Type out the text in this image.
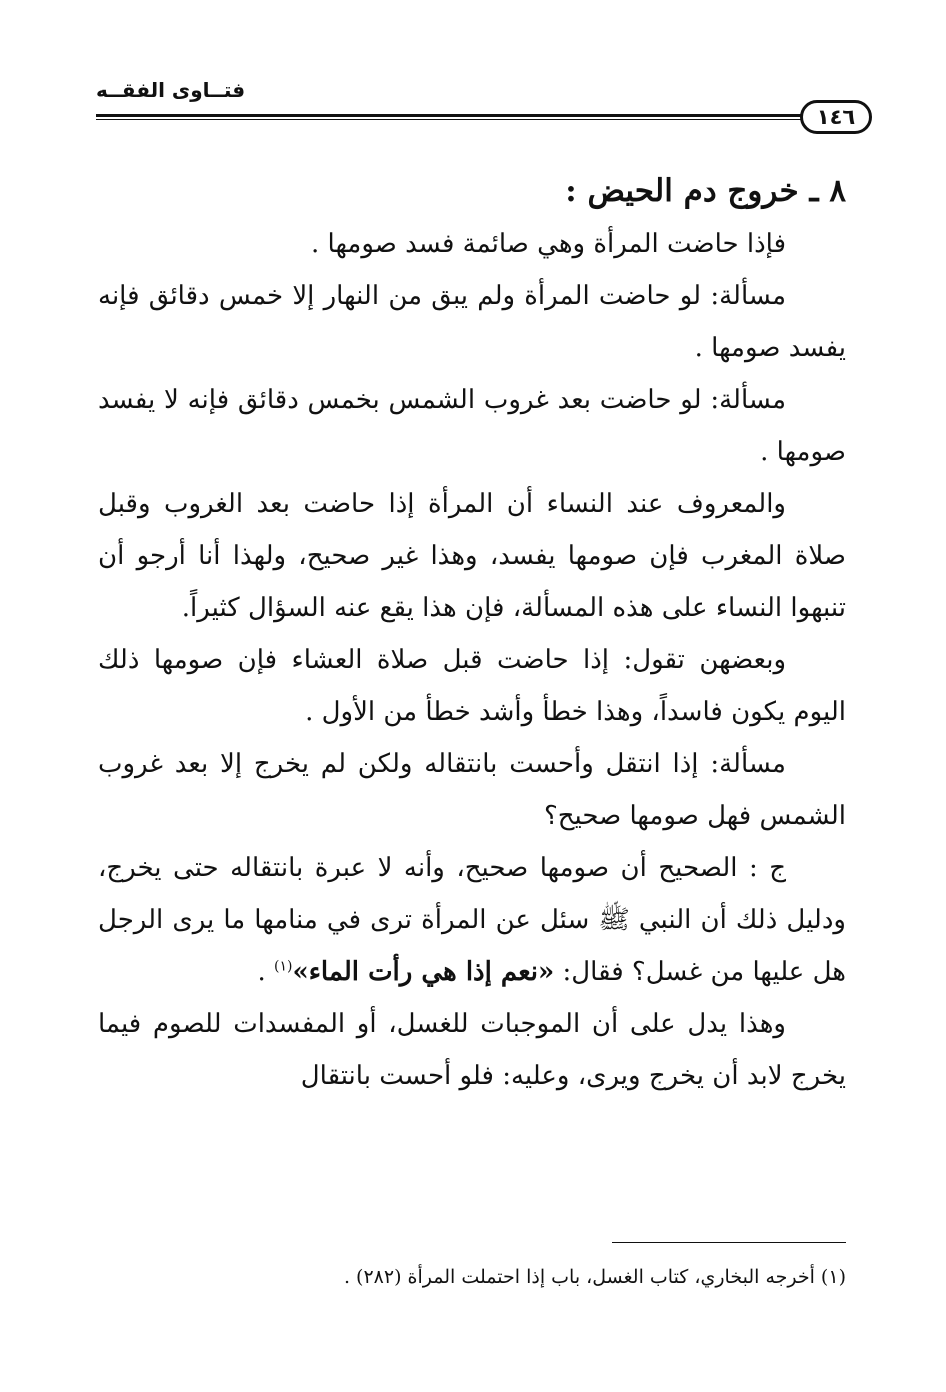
فتــاوى الفقــه
١٤٦

٨ ـ خروج دم الحيض :

فإذا حاضت المرأة وهي صائمة فسد صومها .

مسألة: لو حاضت المرأة ولم يبق من النهار إلا خمس دقائق فإنه يفسد صومها .

مسألة: لو حاضت بعد غروب الشمس بخمس دقائق فإنه لا يفسد صومها .

والمعروف عند النساء أن المرأة إذا حاضت بعد الغروب وقبل صلاة المغرب فإن صومها يفسد، وهذا غير صحيح، ولهذا أنا أرجو أن تنبهوا النساء على هذه المسألة، فإن هذا يقع عنه السؤال كثيراً.

وبعضهن تقول: إذا حاضت قبل صلاة العشاء فإن صومها ذلك اليوم يكون فاسداً، وهذا خطأ وأشد خطأ من الأول .

مسألة: إذا انتقل وأحست بانتقاله ولكن لم يخرج إلا بعد غروب الشمس فهل صومها صحيح؟

ج : الصحيح أن صومها صحيح، وأنه لا عبرة بانتقاله حتى يخرج، ودليل ذلك أن النبي ﷺ سئل عن المرأة ترى في منامها ما يرى الرجل هل عليها من غسل؟ فقال: «نعم إذا هي رأت الماء»$^{(١)}$ .

وهذا يدل على أن الموجبات للغسل، أو المفسدات للصوم فيما يخرج لابد أن يخرج ويرى، وعليه: فلو أحست بانتقال

(١) أخرجه البخاري، كتاب الغسل، باب إذا احتملت المرأة (٢٨٢) .
